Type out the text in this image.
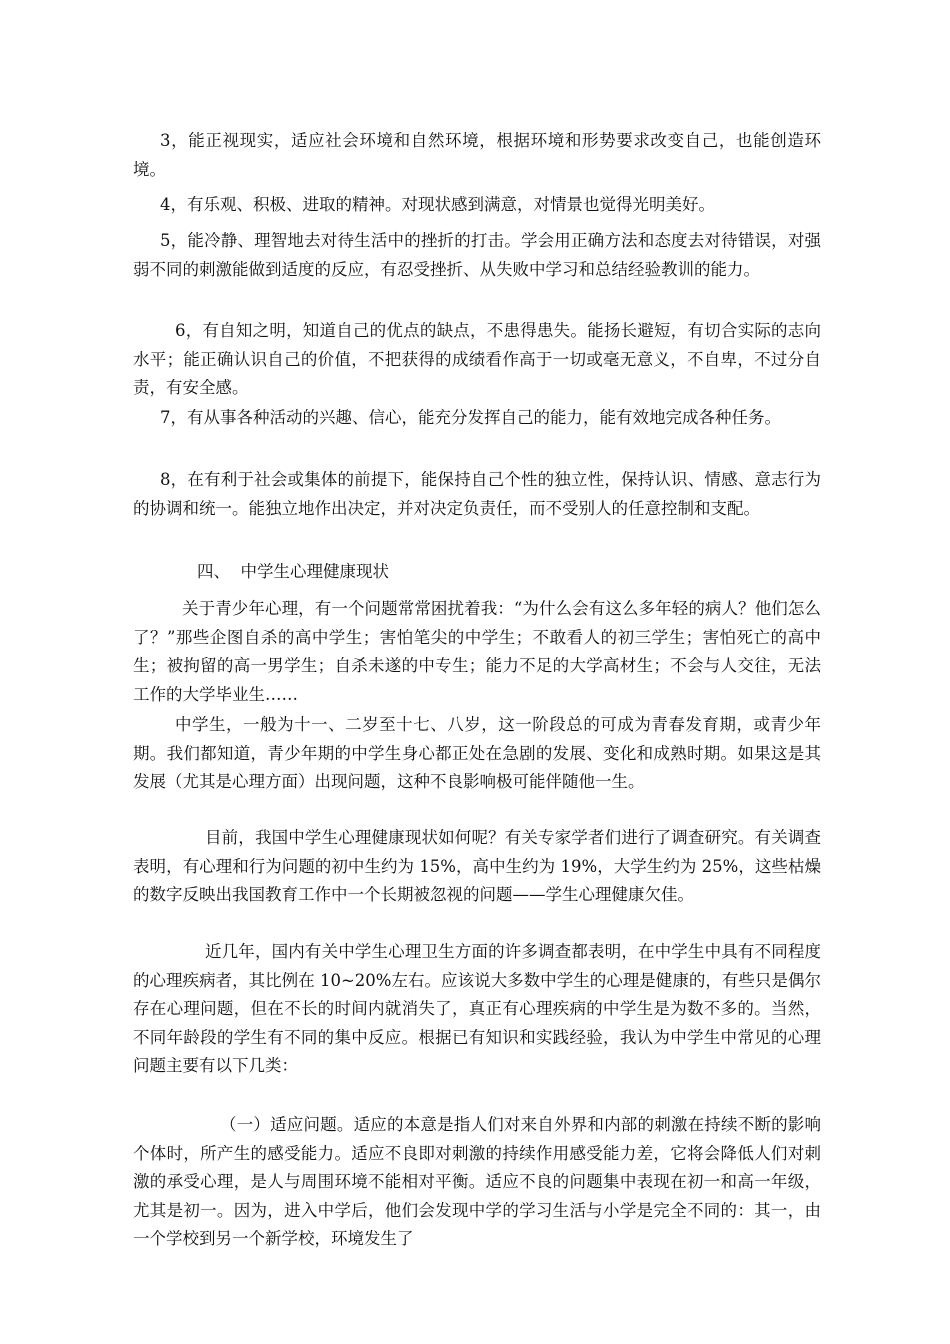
3，能正视现实，适应社会环境和自然环境，根据环境和形势要求改变自己，也能创造环境。

4，有乐观、积极、进取的精神。对现状感到满意，对情景也觉得光明美好。

5，能冷静、理智地去对待生活中的挫折的打击。学会用正确方法和态度去对待错误，对强弱不同的刺激能做到适度的反应，有忍受挫折、从失败中学习和总结经验教训的能力。

6，有自知之明，知道自己的优点的缺点，不患得患失。能扬长避短，有切合实际的志向水平；能正确认识自己的价值，不把获得的成绩看作高于一切或毫无意义，不自卑，不过分自责，有安全感。

7，有从事各种活动的兴趣、信心，能充分发挥自己的能力，能有效地完成各种任务。

8，在有利于社会或集体的前提下，能保持自己个性的独立性，保持认识、情感、意志行为的协调和统一。能独立地作出决定，并对决定负责任，而不受别人的任意控制和支配。

四、  中学生心理健康现状

关于青少年心理，有一个问题常常困扰着我：“为什么会有这么多年轻的病人？他们怎么了？”那些企图自杀的高中学生；害怕笔尖的中学生；不敢看人的初三学生；害怕死亡的高中生；被拘留的高一男学生；自杀未遂的中专生；能力不足的大学高材生；不会与人交往，无法工作的大学毕业生……

中学生，一般为十一、二岁至十七、八岁，这一阶段总的可成为青春发育期，或青少年期。我们都知道，青少年期的中学生身心都正处在急剧的发展、变化和成熟时期。如果这是其发展（尤其是心理方面）出现问题，这种不良影响极可能伴随他一生。

目前，我国中学生心理健康现状如何呢？有关专家学者们进行了调查研究。有关调查表明，有心理和行为问题的初中生约为 15%，高中生约为 19%，大学生约为 25%，这些枯燥的数字反映出我国教育工作中一个长期被忽视的问题——学生心理健康欠佳。

近几年，国内有关中学生心理卫生方面的许多调查都表明，在中学生中具有不同程度的心理疾病者，其比例在 10~20%左右。应该说大多数中学生的心理是健康的，有些只是偶尔存在心理问题，但在不长的时间内就消失了，真正有心理疾病的中学生是为数不多的。当然，不同年龄段的学生有不同的集中反应。根据已有知识和实践经验，我认为中学生中常见的心理问题主要有以下几类：

（一）适应问题。适应的本意是指人们对来自外界和内部的刺激在持续不断的影响个体时，所产生的感受能力。适应不良即对刺激的持续作用感受能力差，它将会降低人们对刺激的承受心理，是人与周围环境不能相对平衡。适应不良的问题集中表现在初一和高一年级，尤其是初一。因为，进入中学后，他们会发现中学的学习生活与小学是完全不同的：其一，由一个学校到另一个新学校，环境发生了
